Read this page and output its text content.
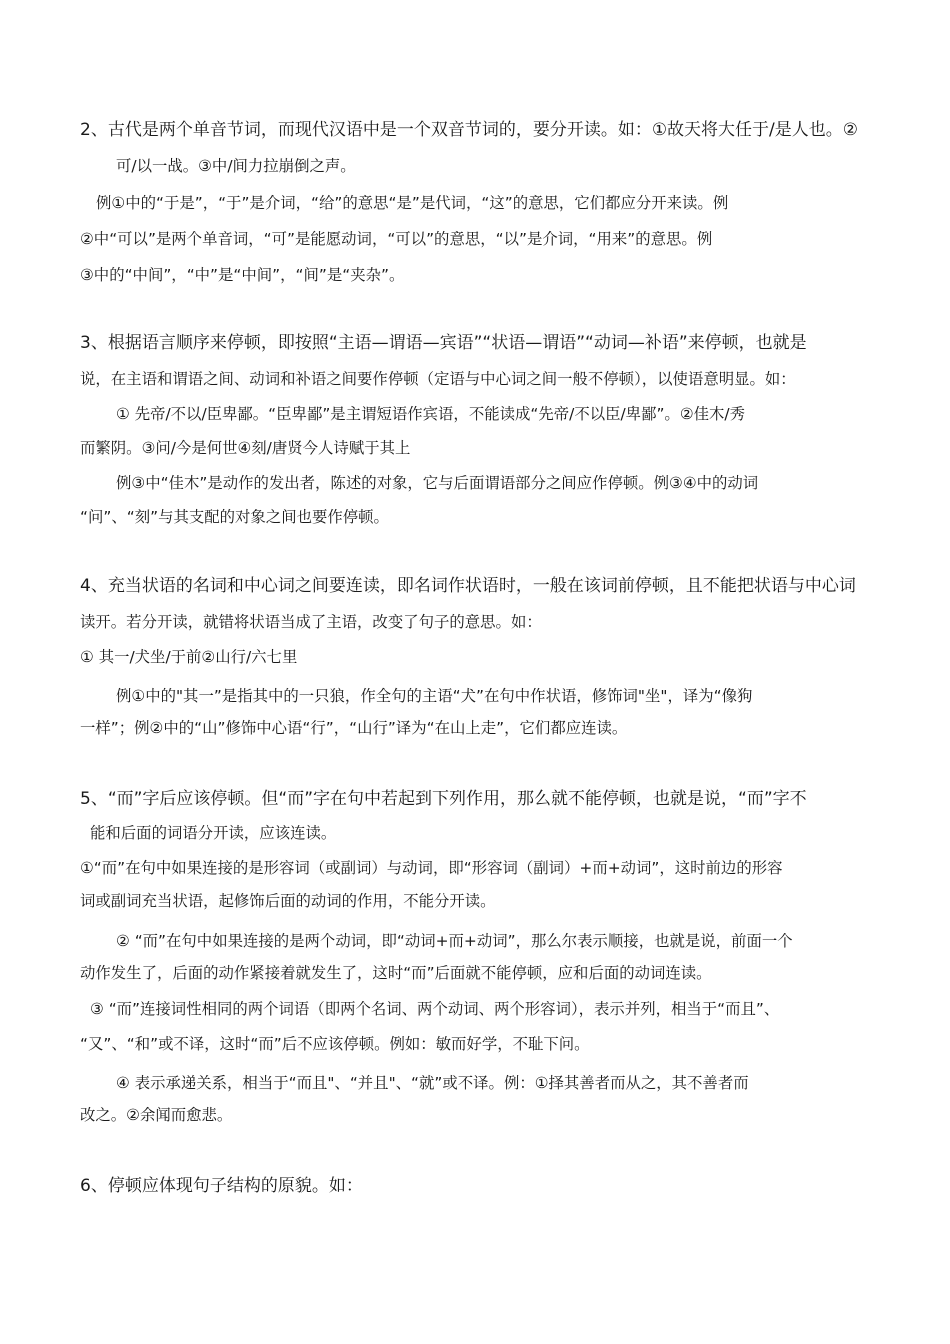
2、古代是两个单音节词，而现代汉语中是一个双音节词的，要分开读。如：①故天将大任于/是人也。②
可/以一战。③中/间力拉崩倒之声。
例①中的“于是”，“于”是介词，“给”的意思“是”是代词，“这”的意思，它们都应分开来读。例
②中“可以”是两个单音词，“可”是能愿动词，“可以”的意思，“以”是介词，“用来”的意思。例
③中的“中间”，“中”是“中间”，“间”是“夹杂”。
3、根据语言顺序来停顿，即按照“主语—谓语—宾语”“状语—谓语”“动词—补语”来停顿，也就是
说，在主语和谓语之间、动词和补语之间要作停顿（定语与中心词之间一般不停顿），以使语意明显。如：
① 先帝/不以/臣卑鄙。“臣卑鄙”是主谓短语作宾语，不能读成“先帝/不以臣/卑鄙”。②佳木/秀
而繁阴。③问/今是何世④刻/唐贤今人诗赋于其上
例③中“佳木”是动作的发出者，陈述的对象，它与后面谓语部分之间应作停顿。例③④中的动词
“问”、“刻”与其支配的对象之间也要作停顿。
4、充当状语的名词和中心词之间要连读，即名词作状语时，一般在该词前停顿，且不能把状语与中心词
读开。若分开读，就错将状语当成了主语，改变了句子的意思。如：
① 其一/犬坐/于前②山行/六七里
例①中的"其一”是指其中的一只狼，作全句的主语“犬”在句中作状语，修饰词"坐"，译为“像狗
一样”；例②中的“山”修饰中心语“行”，“山行”译为“在山上走”，它们都应连读。
5、“而”字后应该停顿。但“而”字在句中若起到下列作用，那么就不能停顿，也就是说，“而”字不
能和后面的词语分开读，应该连读。
①“而”在句中如果连接的是形容词（或副词）与动词，即“形容词（副词）+而+动词”，这时前边的形容
词或副词充当状语，起修饰后面的动词的作用，不能分开读。
② “而”在句中如果连接的是两个动词，即“动词+而+动词”，那么尔表示顺接，也就是说，前面一个
动作发生了，后面的动作紧接着就发生了，这时“而”后面就不能停顿，应和后面的动词连读。
③ “而”连接词性相同的两个词语（即两个名词、两个动词、两个形容词），表示并列，相当于“而且”、
“又”、“和”或不译，这时“而”后不应该停顿。例如：敏而好学，不耻下问。
④ 表示承递关系，相当于“而且"、“并且"、“就”或不译。例：①择其善者而从之，其不善者而
改之。②余闻而愈悲。
6、停顿应体现句子结构的原貌。如：
